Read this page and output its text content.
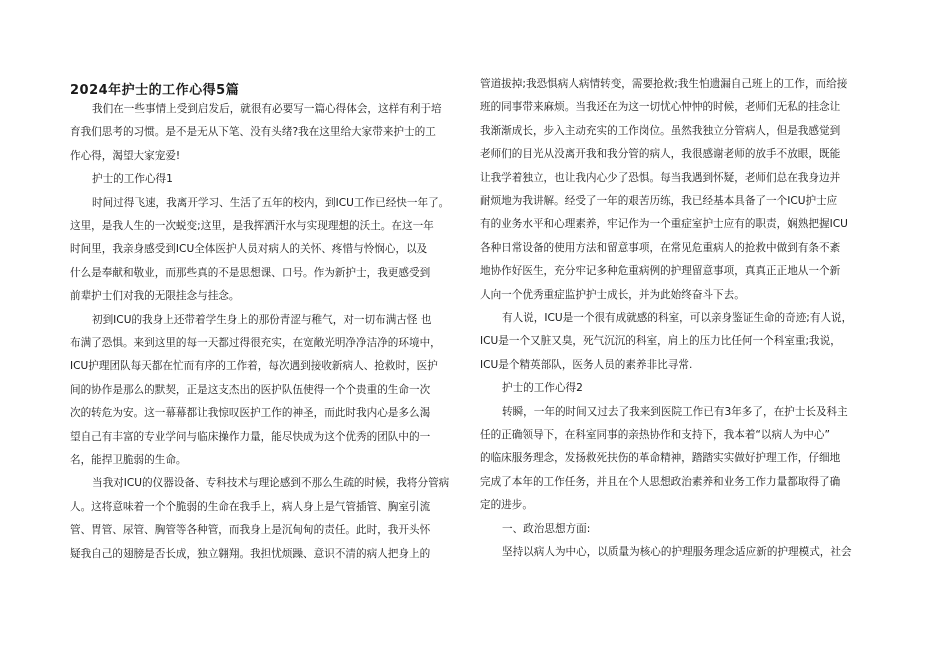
2024年护士的工作心得5篇
我们在一些事情上受到启发后，就很有必要写一篇心得体会，这样有利于培
育我们思考的习惯。是不是无从下笔、没有头绪?我在这里给大家带来护士的工
作心得，渴望大家宠爱!
护士的工作心得1
时间过得飞速，我离开学习、生活了五年的校内，到ICU工作已经快一年了。
这里，是我人生的一次蜕变;这里，是我挥洒汗水与实现理想的沃土。在这一年
时间里，我亲身感受到ICU全体医护人员对病人的关怀、疼惜与怜悯心，以及
什么是奉献和敬业，而那些真的不是思想课、口号。作为新护士，我更感受到
前辈护士们对我的无限挂念与挂念。
初到ICU的我身上还带着学生身上的那份青涩与稚气，对一切布满古怪 也
布满了恐惧。来到这里的每一天都过得很充实，在宽敞光明净净洁净的环境中，
ICU护理团队每天都在忙而有序的工作着，每次遇到接收新病人、抢救时，医护
间的协作是那么的默契，正是这支杰出的医护队伍使得一个个贵重的生命一次
次的转危为安。这一幕幕都让我惊叹医护工作的神圣，而此时我内心是多么渴
望自己有丰富的专业学问与临床操作力量，能尽快成为这个优秀的团队中的一
名，能捍卫脆弱的生命。
当我对ICU的仪器设备、专科技术与理论感到不那么生疏的时候，我将分管病
人。这将意味着一个个脆弱的生命在我手上，病人身上是气管插管、胸室引流
管、胃管、尿管、胸管等各种管，而我身上是沉甸甸的责任。此时，我开头怀
疑我自己的翅膀是否长成，独立翱翔。我担忧烦躁、意识不清的病人把身上的
管道拔掉;我恐惧病人病情转变，需要抢救;我生怕遗漏自己班上的工作，而给接
班的同事带来麻烦。当我还在为这一切忧心忡忡的时候，老师们无私的挂念让
我渐渐成长，步入主动充实的工作岗位。虽然我独立分管病人，但是我感觉到
老师们的目光从没离开我和我分管的病人，我很感谢老师的放手不放眼，既能
让我学着独立，也让我内心少了恐惧。每当我遇到怀疑，老师们总在我身边并
耐烦地为我讲解。经受了一年的艰苦历练，我已经基本具备了一个ICU护士应
有的业务水平和心理素养，牢记作为一个重症室护士应有的职责，娴熟把握ICU
各种日常设备的使用方法和留意事项，在常见危重病人的抢救中做到有条不紊
地协作好医生，充分牢记多种危重病例的护理留意事项，真真正正地从一个新
人向一个优秀重症监护护士成长，并为此始终奋斗下去。
有人说，ICU是一个很有成就感的科室，可以亲身鉴证生命的奇迹;有人说，
ICU是一个又脏又臭，死气沉沉的科室，肩上的压力比任何一个科室重;我说，
ICU是个精英部队，医务人员的素养非比寻常.
护士的工作心得2
转瞬，一年的时间又过去了我来到医院工作已有3年多了，在护士长及科主
任的正确领导下，在科室同事的亲热协作和支持下，我本着“以病人为中心”
的临床服务理念，发扬救死扶伤的革命精神，踏踏实实做好护理工作，仔细地
完成了本年的工作任务，并且在个人思想政治素养和业务工作力量都取得了确
定的进步。
一、政治思想方面:
坚持以病人为中心，以质量为核心的护理服务理念适应新的护理模式，社会
